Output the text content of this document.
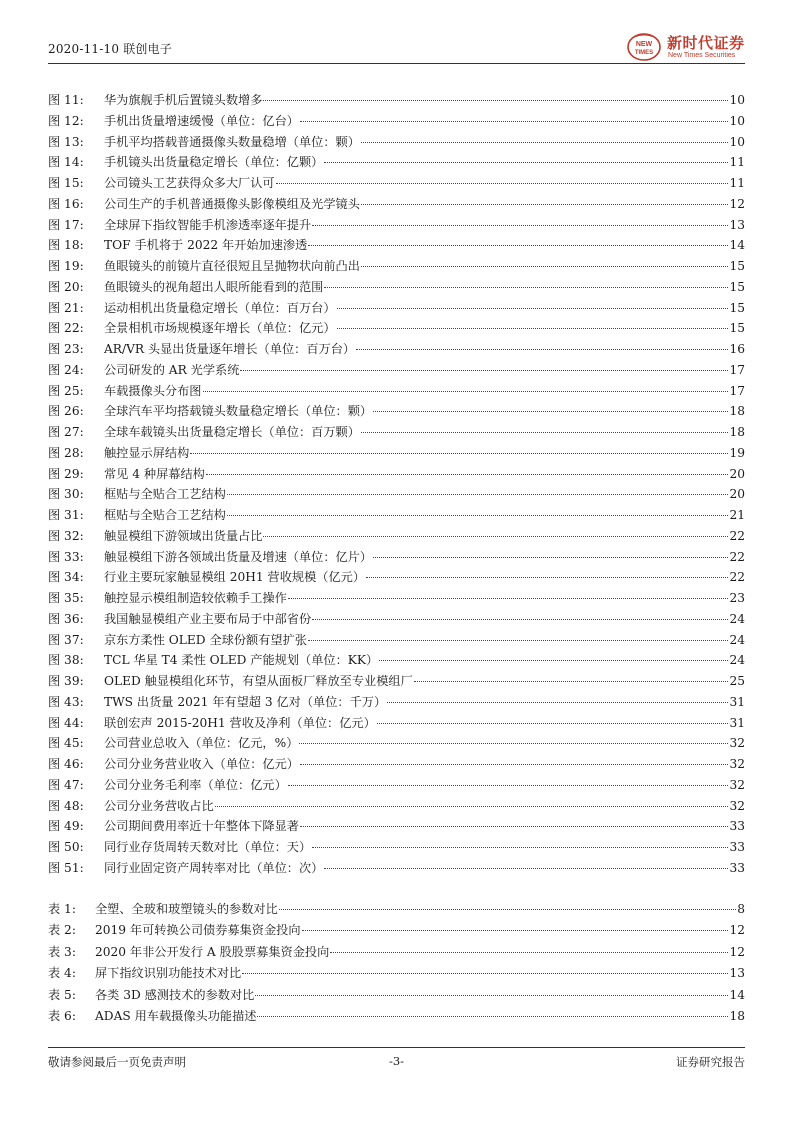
2020-11-10 联创电子	NEW
TIMES
新时代证券
New Times Securities
图 11:	华为旗舰手机后置镜头数增多	10
图 12:	手机出货量增速缓慢（单位：亿台）	10
图 13:	手机平均搭载普通摄像头数量稳增（单位：颗）	10
图 14:	手机镜头出货量稳定增长（单位：亿颗）	11
图 15:	公司镜头工艺获得众多大厂认可	11
图 16:	公司生产的手机普通摄像头影像模组及光学镜头	12
图 17:	全球屏下指纹智能手机渗透率逐年提升	13
图 18:	TOF 手机将于 2022 年开始加速渗透	14
图 19:	鱼眼镜头的前镜片直径很短且呈抛物状向前凸出	15
图 20:	鱼眼镜头的视角超出人眼所能看到的范围	15
图 21:	运动相机出货量稳定增长（单位：百万台）	15
图 22:	全景相机市场规模逐年增长（单位：亿元）	15
图 23:	AR/VR 头显出货量逐年增长（单位：百万台）	16
图 24:	公司研发的 AR 光学系统	17
图 25:	车载摄像头分布图	17
图 26:	全球汽车平均搭载镜头数量稳定增长（单位：颗）	18
图 27:	全球车载镜头出货量稳定增长（单位：百万颗）	18
图 28:	触控显示屏结构	19
图 29:	常见 4 种屏幕结构	20
图 30:	框贴与全贴合工艺结构	20
图 31:	框贴与全贴合工艺结构	21
图 32:	触显模组下游领域出货量占比	22
图 33:	触显模组下游各领域出货量及增速（单位：亿片）	22
图 34:	行业主要玩家触显模组 20H1 营收规模（亿元）	22
图 35:	触控显示模组制造较依赖手工操作	23
图 36:	我国触显模组产业主要布局于中部省份	24
图 37:	京东方柔性 OLED 全球份额有望扩张	24
图 38:	TCL 华星 T4 柔性 OLED 产能规划（单位：KK）	24
图 39:	OLED 触显模组化环节，有望从面板厂释放至专业模组厂	25
图 43:	TWS 出货量 2021 年有望超 3 亿对（单位：千万）	31
图 44:	联创宏声 2015-20H1 营收及净利（单位：亿元）	31
图 45:	公司营业总收入（单位：亿元，%）	32
图 46:	公司分业务营业收入（单位：亿元）	32
图 47:	公司分业务毛利率（单位：亿元）	32
图 48:	公司分业务营收占比	32
图 49:	公司期间费用率近十年整体下降显著	33
图 50:	同行业存货周转天数对比（单位：天）	33
图 51:	同行业固定资产周转率对比（单位：次）	33
表 1:	全塑、全玻和玻塑镜头的参数对比	8
表 2:	2019 年可转换公司债券募集资金投向	12
表 3:	2020 年非公开发行 A 股股票募集资金投向	12
表 4:	屏下指纹识别功能技术对比	13
表 5:	各类 3D 感测技术的参数对比	14
表 6:	ADAS 用车载摄像头功能描述	18
敬请参阅最后一页免责声明	-3-	证券研究报告
